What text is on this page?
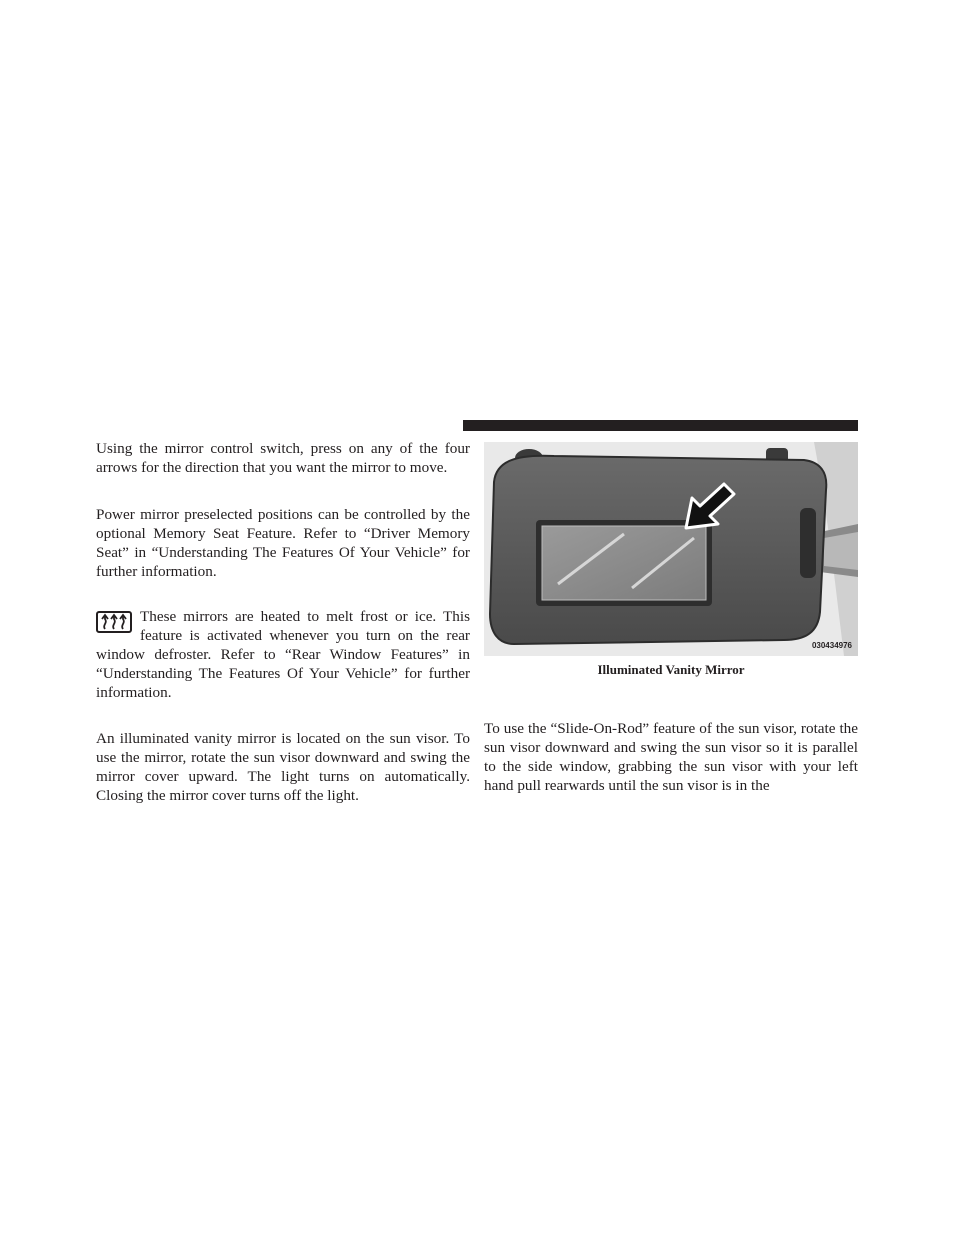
Using the mirror control switch, press on any of the four arrows for the direction that you want the mirror to move.

Power mirror preselected positions can be controlled by the optional Memory Seat Feature. Refer to “Driver Memory Seat” in “Understanding The Features Of Your Vehicle” for further information.

These mirrors are heated to melt frost or ice. This feature is activated whenever you turn on the rear window defroster. Refer to “Rear Window Features” in “Understanding The Features Of Your Vehicle” for further information.

An illuminated vanity mirror is located on the sun visor. To use the mirror, rotate the sun visor downward and swing the mirror cover upward. The light turns on automatically. Closing the mirror cover turns off the light.

030434976
Illuminated Vanity Mirror

To use the “Slide-On-Rod” feature of the sun visor, rotate the sun visor downward and swing the sun visor so it is parallel to the side window, grabbing the sun visor with your left hand pull rearwards until the sun visor is in the
